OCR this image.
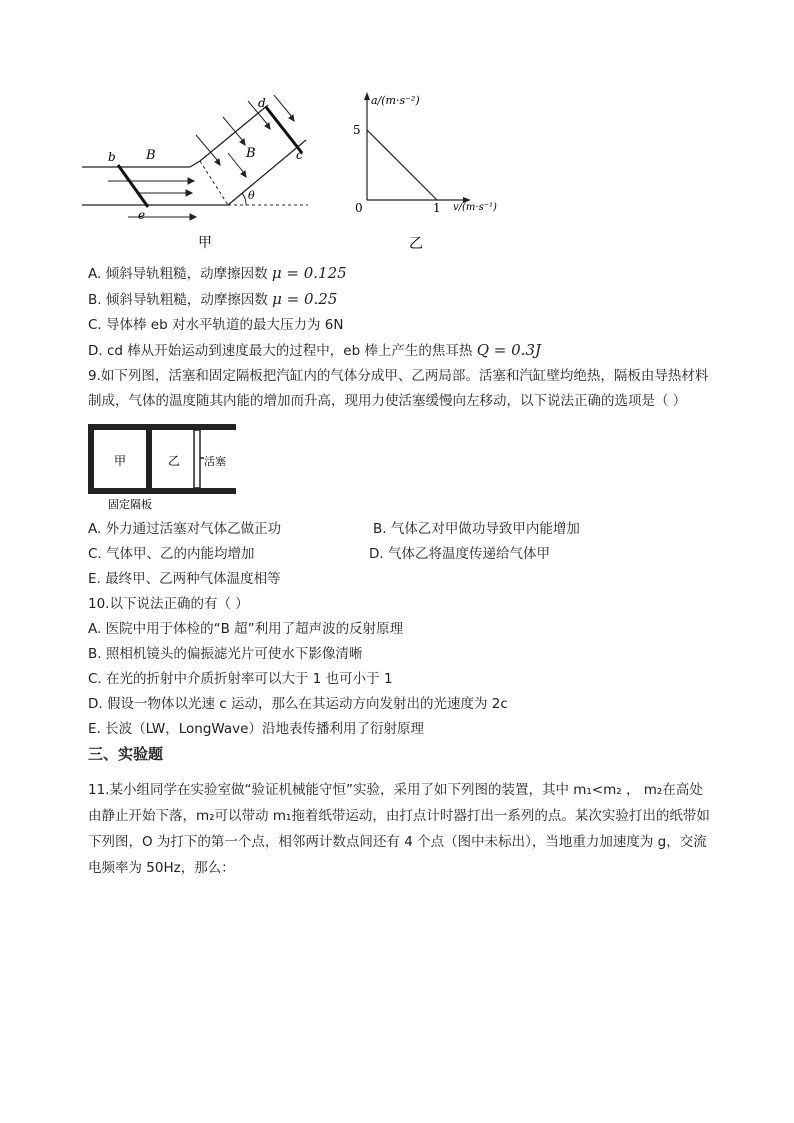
b B	B
d
c
e
θ
甲
a/(m·s⁻²)
v/(m·s⁻¹)
5
1
0
乙
A. 倾斜导轨粗糙，动摩擦因数 μ = 0.125
B. 倾斜导轨粗糙，动摩擦因数 μ = 0.25
C. 导体棒 eb 对水平轨道的最大压力为 6N
D. cd 棒从开始运动到速度最大的过程中，eb 棒上产生的焦耳热 Q = 0.3J
9.如下列图，活塞和固定隔板把汽缸内的气体分成甲、乙两局部。活塞和汽缸壁均绝热，隔板由导热材料
制成，气体的温度随其内能的增加而升高，现用力使活塞缓慢向左移动，以下说法正确的选项是（ ）
甲	乙 活塞
固定隔板
A. 外力通过活塞对气体乙做正功	B. 气体乙对甲做功导致甲内能增加
C. 气体甲、乙的内能均增加	D. 气体乙将温度传递给气体甲
E. 最终甲、乙两种气体温度相等
10.以下说法正确的有（ ）
A. 医院中用于体检的“B 超”利用了超声波的反射原理
B. 照相机镜头的偏振滤光片可使水下影像清晰
C. 在光的折射中介质折射率可以大于 1 也可小于 1
D. 假设一物体以光速 c 运动，那么在其运动方向发射出的光速度为 2c
E. 长波（LW，LongWave）沿地表传播利用了衍射原理
三、实验题
11.某小组同学在实验室做“验证机械能守恒”实验，采用了如下列图的装置，其中 m₁<m₂ ， m₂在高处
由静止开始下落，m₂可以带动 m₁拖着纸带运动，由打点计时器打出一系列的点。某次实验打出的纸带如
下列图，O 为打下的第一个点，相邻两计数点间还有 4 个点（图中未标出），当地重力加速度为 g，交流
电频率为 50Hz，那么：
